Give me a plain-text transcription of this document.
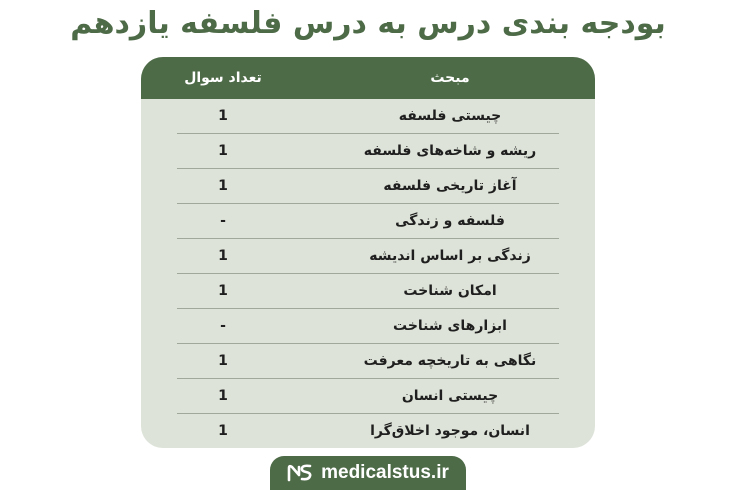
بودجه بندی درس به درس فلسفه یازدهم
مبحث
تعداد سوال
چیستی فلسفه
1
ریشه و شاخه‌های فلسفه
1
آغاز تاریخی فلسفه
1
فلسفه و زندگی
-
زندگی بر اساس اندیشه
1
امکان شناخت
1
ابزارهای شناخت
-
نگاهی به تاریخچه معرفت
1
چیستی انسان
1
انسان، موجود اخلاق‌گرا
1
medicalstus.ir
